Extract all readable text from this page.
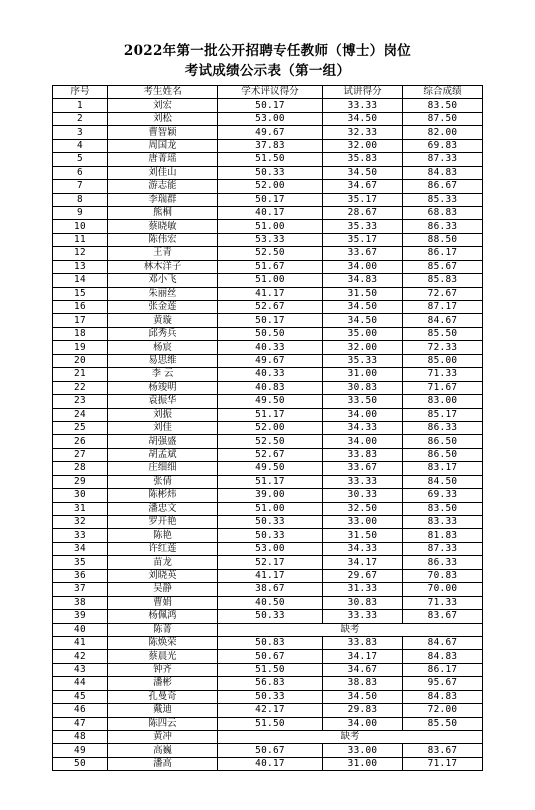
2022年第一批公开招聘专任教师（博士）岗位
考试成绩公示表（第一组）
序号	考生姓名	学术评议得分	试讲得分	综合成绩
1	刘宏	50.17	33.33	83.50
2	刘松	53.00	34.50	87.50
3	曹智颖	49.67	32.33	82.00
4	周国龙	37.83	32.00	69.83
5	唐菁瑶	51.50	35.83	87.33
6	刘佳山	50.33	34.50	84.83
7	游志能	52.00	34.67	86.67
8	李瑞群	50.17	35.17	85.33
9	熊桐	40.17	28.67	68.83
10	蔡晓敏	51.00	35.33	86.33
11	陈伟宏	53.33	35.17	88.50
12	王青	52.50	33.67	86.17
13	林木洋子	51.67	34.00	85.67
14	邓小飞	51.00	34.83	85.83
15	朱丽丝	41.17	31.50	72.67
16	张金莲	52.67	34.50	87.17
17	黄璇	50.17	34.50	84.67
18	邱秀兵	50.50	35.00	85.50
19	杨宸	40.33	32.00	72.33
20	易思维	49.67	35.33	85.00
21	李 云	40.33	31.00	71.33
22	杨竣明	40.83	30.83	71.67
23	袁振华	49.50	33.50	83.00
24	刘振	51.17	34.00	85.17
25	刘佳	52.00	34.33	86.33
26	胡强盛	52.50	34.00	86.50
27	胡孟斌	52.67	33.83	86.50
28	庄细细	49.50	33.67	83.17
29	张倩	51.17	33.33	84.50
30	陈彬炜	39.00	30.33	69.33
31	潘忠文	51.00	32.50	83.50
32	罗开艳	50.33	33.00	83.33
33	陈艳	50.33	31.50	81.83
34	许红莲	53.00	34.33	87.33
35	苗龙	52.17	34.17	86.33
36	刘晓英	41.17	29.67	70.83
37	吴静	38.67	31.33	70.00
38	曹娟	40.50	30.83	71.33
39	杨佩鸿	50.33	33.33	83.67
40	陈菁	缺考		
41	陈焕荣	50.83	33.83	84.67
42	蔡晨光	50.67	34.17	84.83
43	钟齐	51.50	34.67	86.17
44	潘彬	56.83	38.83	95.67
45	孔曼奇	50.33	34.50	84.83
46	戴迪	42.17	29.83	72.00
47	陈四云	51.50	34.00	85.50
48	黄冲	缺考		
49	高巍	50.67	33.00	83.67
50	潘高	40.17	31.00	71.17
